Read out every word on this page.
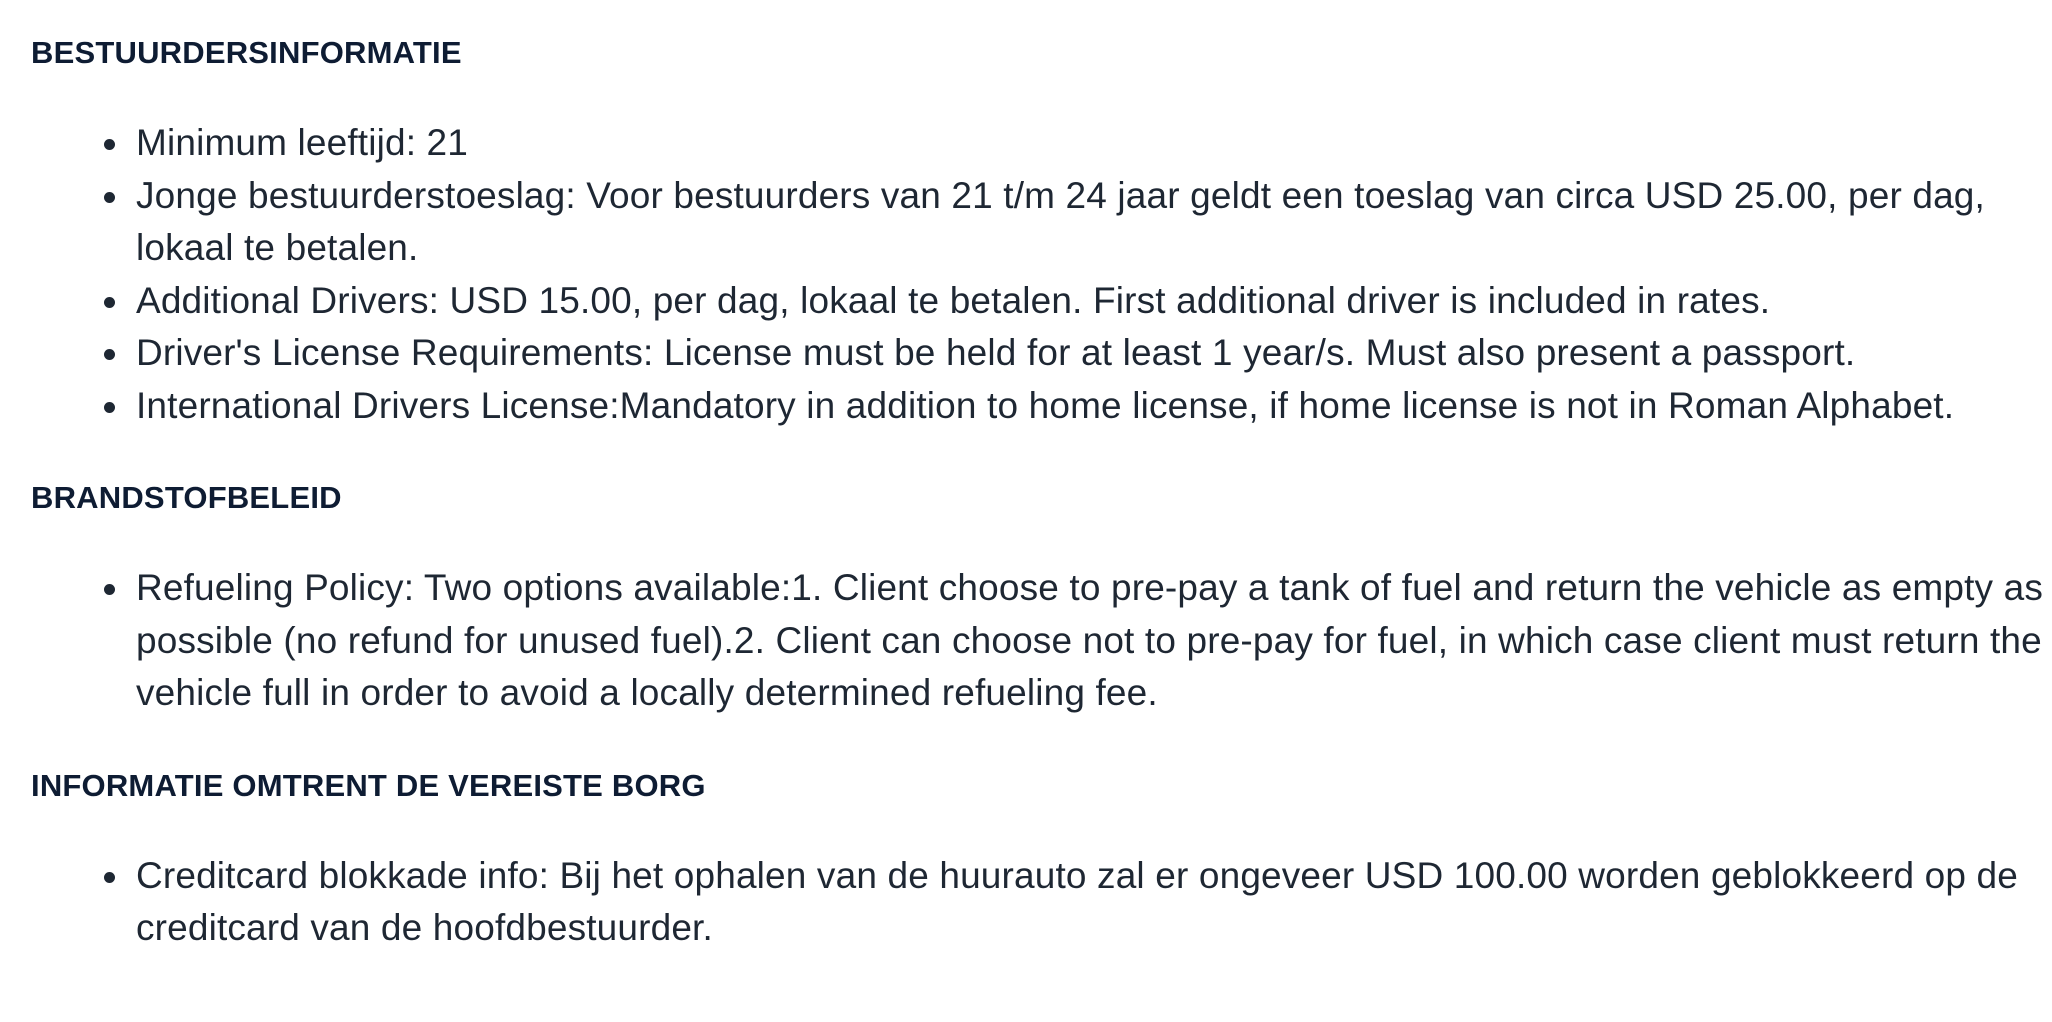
BESTUURDERSINFORMATIE
Minimum leeftijd: 21
Jonge bestuurderstoeslag: Voor bestuurders van 21 t/m 24 jaar geldt een toeslag van circa USD 25.00, per dag, lokaal te betalen.
Additional Drivers: USD 15.00, per dag, lokaal te betalen. First additional driver is included in rates.
Driver's License Requirements: License must be held for at least 1 year/s. Must also present a passport.
International Drivers License:Mandatory in addition to home license, if home license is not in Roman Alphabet.
BRANDSTOFBELEID
Refueling Policy: Two options available:1. Client choose to pre-pay a tank of fuel and return the vehicle as empty as possible (no refund for unused fuel).2. Client can choose not to pre-pay for fuel, in which case client must return the vehicle full in order to avoid a locally determined refueling fee.
INFORMATIE OMTRENT DE VEREISTE BORG
Creditcard blokkade info: Bij het ophalen van de huurauto zal er ongeveer USD 100.00 worden geblokkeerd op de creditcard van de hoofdbestuurder.
